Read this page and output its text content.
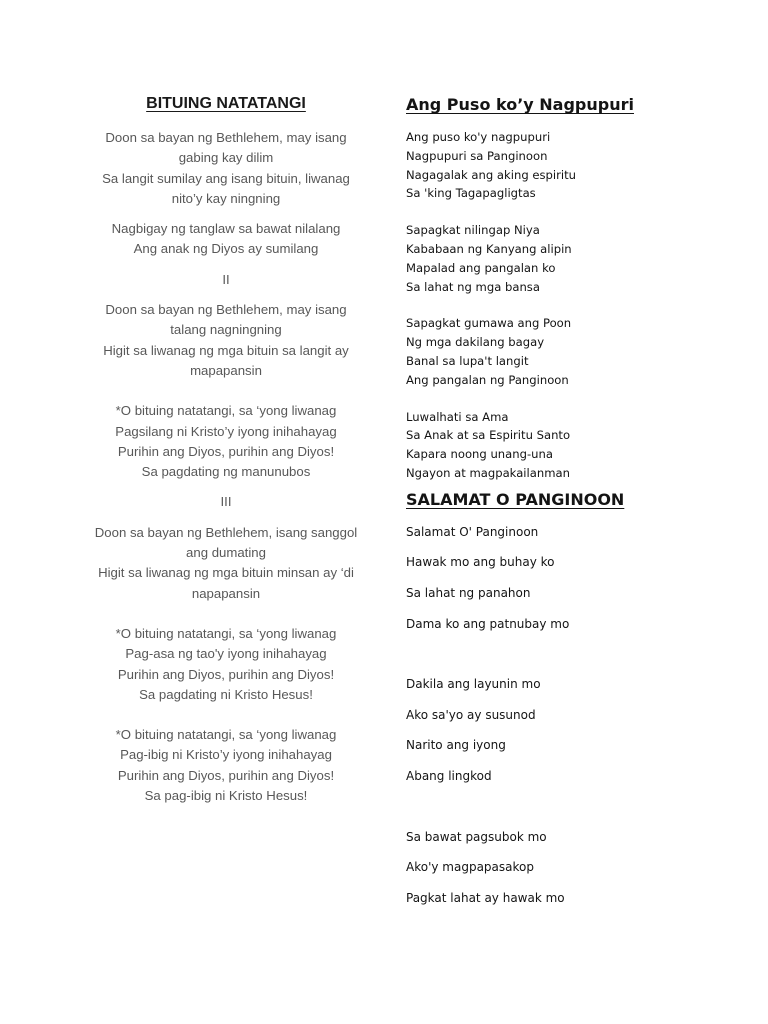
BITUING NATATANGI
Doon sa bayan ng Bethlehem, may isang
gabing kay dilim
Sa langit sumilay ang isang bituin, liwanag
nito’y kay ningning
Nagbigay ng tanglaw sa bawat nilalang
Ang anak ng Diyos ay sumilang
II
Doon sa bayan ng Bethlehem, may isang
talang nagningning
Higit sa liwanag ng mga bituin sa langit ay
mapapansin
*O bituing natatangi, sa ‘yong liwanag
Pagsilang ni Kristo’y iyong inihahayag
Purihin ang Diyos, purihin ang Diyos!
Sa pagdating ng manunubos
III
Doon sa bayan ng Bethlehem, isang sanggol
ang dumating
Higit sa liwanag ng mga bituin minsan ay ‘di
napapansin
*O bituing natatangi, sa ‘yong liwanag
Pag-asa ng tao'y iyong inihahayag
Purihin ang Diyos, purihin ang Diyos!
Sa pagdating ni Kristo Hesus!
*O bituing natatangi, sa ‘yong liwanag
Pag-ibig ni Kristo’y iyong inihahayag
Purihin ang Diyos, purihin ang Diyos!
Sa pag-ibig ni Kristo Hesus!
Ang Puso ko’y Nagpupuri
Ang puso ko'y nagpupuri
Nagpupuri sa Panginoon
Nagagalak ang aking espiritu
Sa 'king Tagapagligtas
Sapagkat nilingap Niya
Kababaan ng Kanyang alipin
Mapalad ang pangalan ko
Sa lahat ng mga bansa
Sapagkat gumawa ang Poon
Ng mga dakilang bagay
Banal sa lupa't langit
Ang pangalan ng Panginoon
Luwalhati sa Ama
Sa Anak at sa Espiritu Santo
Kapara noong unang-una
Ngayon at magpakailanman
SALAMAT O PANGINOON
Salamat O' Panginoon
Hawak mo ang buhay ko
Sa lahat ng panahon
Dama ko ang patnubay mo
Dakila ang layunin mo
Ako sa'yo ay susunod
Narito ang iyong
Abang lingkod
Sa bawat pagsubok mo
Ako'y magpapasakop
Pagkat lahat ay hawak mo
